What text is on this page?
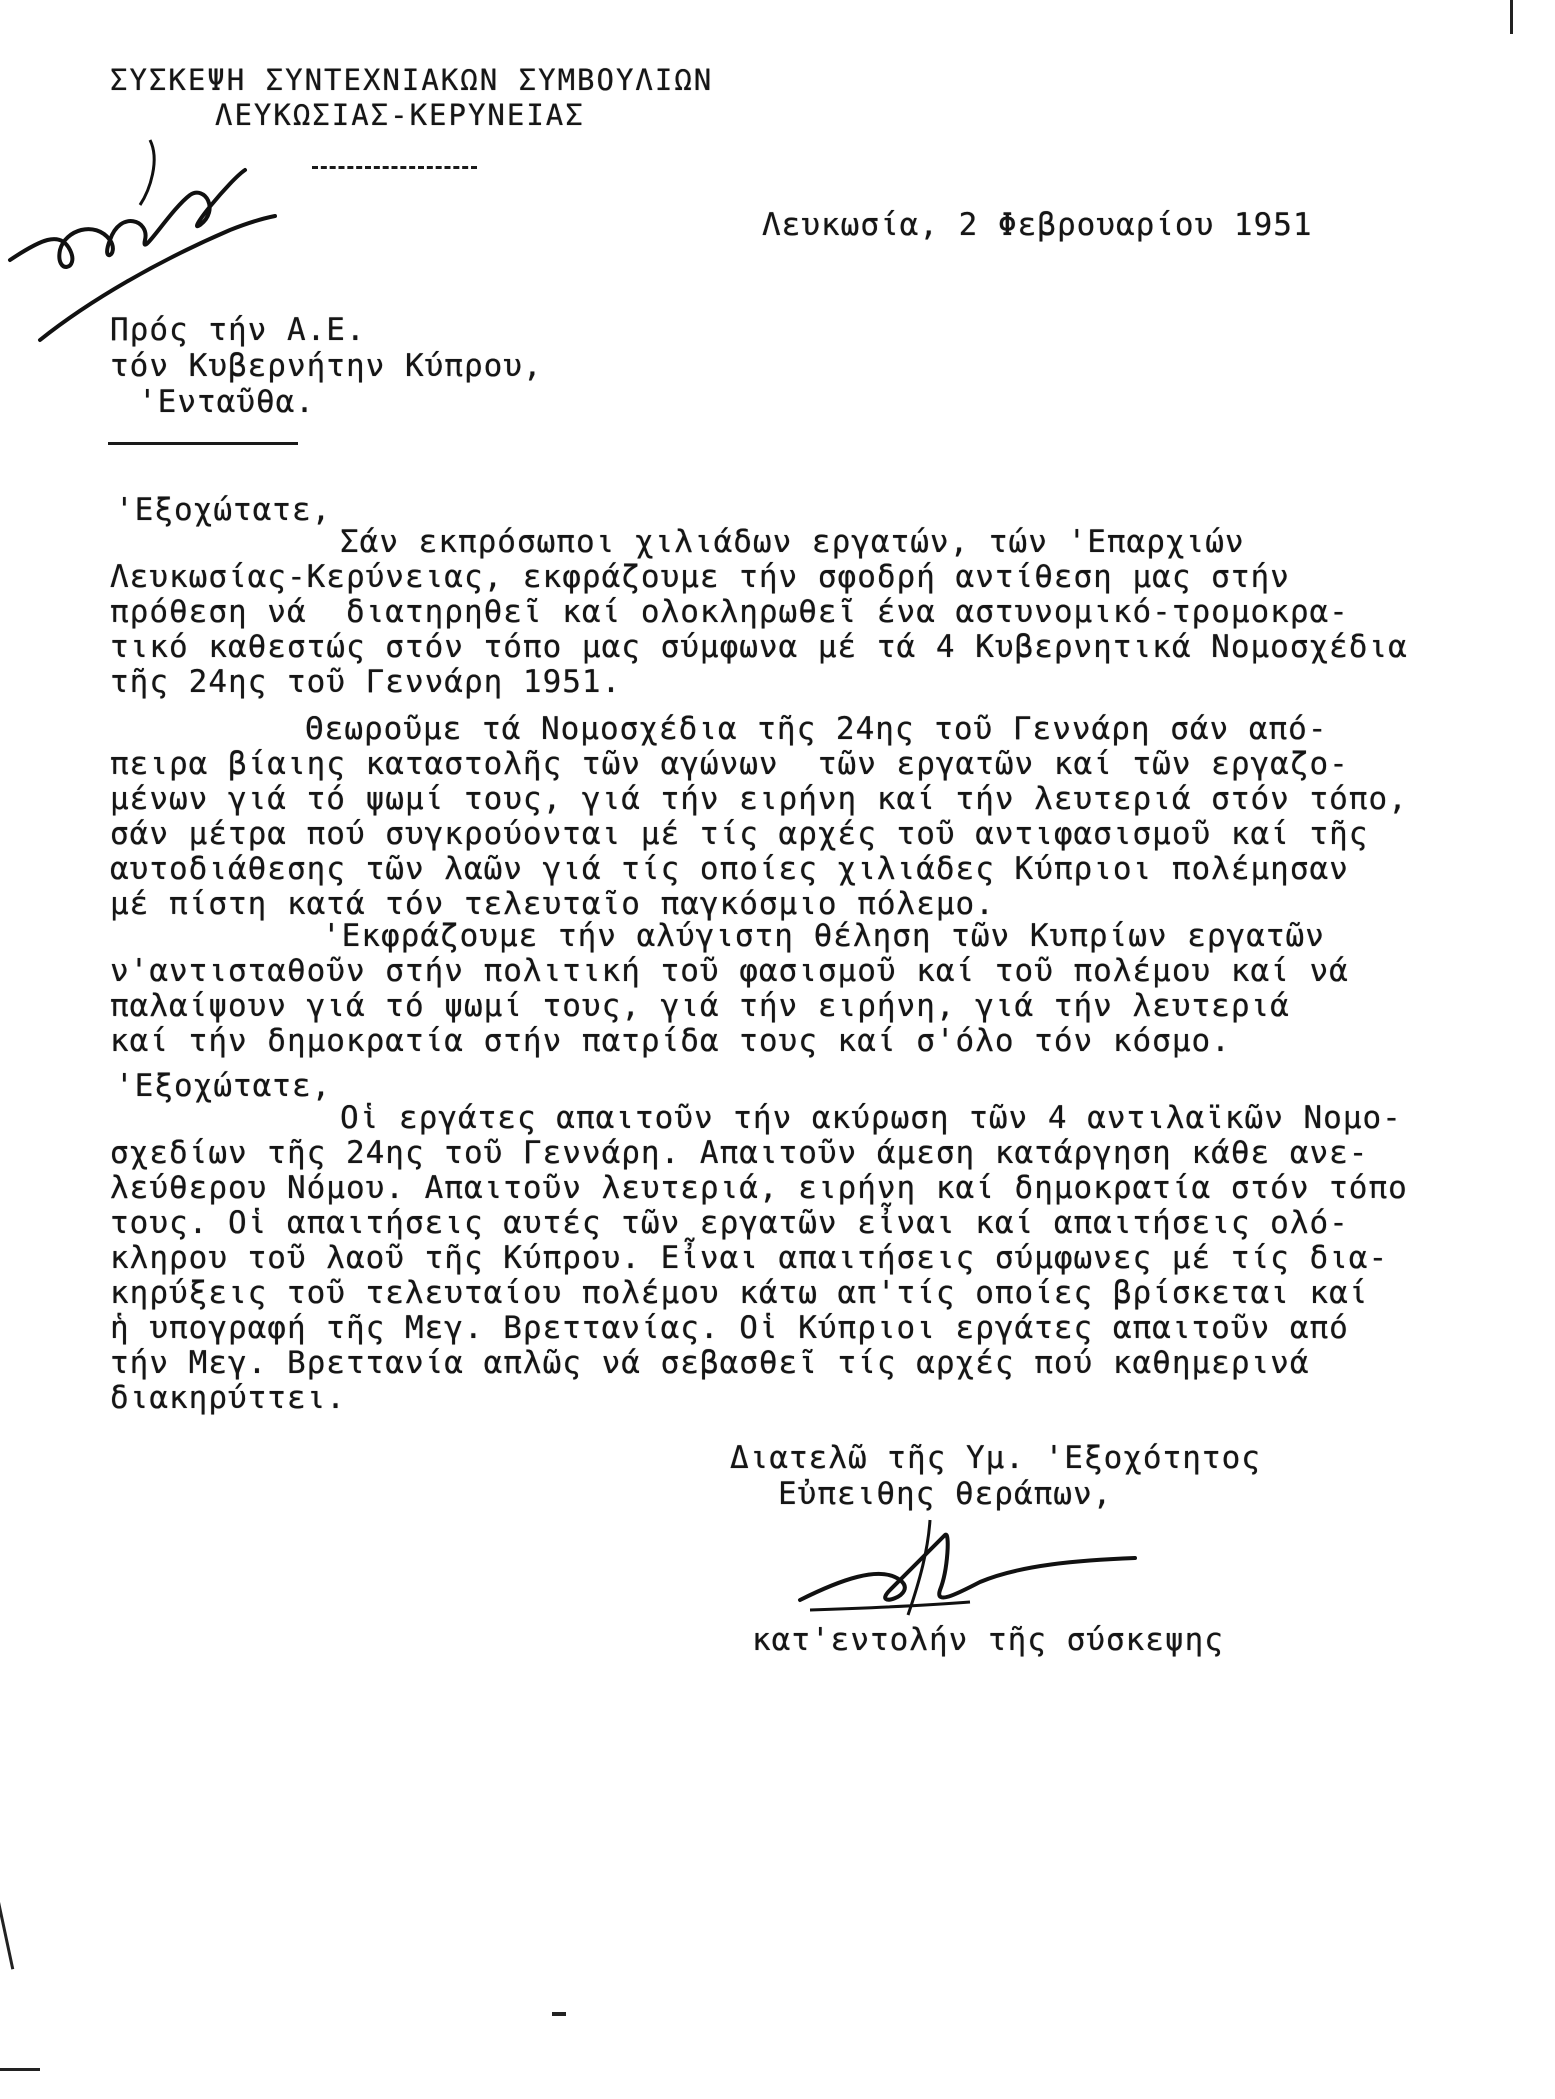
ΣΥΣΚΕΨΗ ΣΥΝΤΕΧΝΙΑΚΩΝ ΣΥΜΒΟΥΛΙΩΝ
ΛΕΥΚΩΣΙΑΣ-ΚΕΡΥΝΕΙΑΣ
Λευκωσία, 2 Φεβρουαρίου 1951
Πρός τήν Α.Ε.
τόν Κυβερνήτην Κύπρου,
'Ενταῦθα.
'Εξοχώτατε,
Σάν εκπρόσωποι χιλιάδων εργατών, τών 'Επαρχιών
Λευκωσίας-Κερύνειας, εκφράζουμε τήν σφοδρή αντίθεση μας στήν
πρόθεση νά  διατηρηθεῖ καί ολοκληρωθεῖ ένα αστυνομικό-τρομοκρα-
τικό καθεστώς στόν τόπο μας σύμφωνα μέ τά 4 Κυβερνητικά Νομοσχέδια
τῆς 24ης τοῦ Γεννάρη 1951.
Θεωροῦμε τά Νομοσχέδια τῆς 24ης τοῦ Γεννάρη σάν από-
πειρα βίαιης καταστολῆς τῶν αγώνων  τῶν εργατῶν καί τῶν εργαζο-
μένων γιά τό ψωμί τους, γιά τήν ειρήνη καί τήν λευτεριά στόν τόπο,
σάν μέτρα πού συγκρούονται μέ τίς αρχές τοῦ αντιφασισμοῦ καί τῆς
αυτοδιάθεσης τῶν λαῶν γιά τίς οποίες χιλιάδες Κύπριοι πολέμησαν
μέ πίστη κατά τόν τελευταῖο παγκόσμιο πόλεμο.
'Εκφράζουμε τήν αλύγιστη θέληση τῶν Κυπρίων εργατῶν
ν'αντισταθοῦν στήν πολιτική τοῦ φασισμοῦ καί τοῦ πολέμου καί νά
παλαίψουν γιά τό ψωμί τους, γιά τήν ειρήνη, γιά τήν λευτεριά
καί τήν δημοκρατία στήν πατρίδα τους καί σ'όλο τόν κόσμο.
'Εξοχώτατε,
Οἱ εργάτες απαιτοῦν τήν ακύρωση τῶν 4 αντιλαϊκῶν Νομο-
σχεδίων τῆς 24ης τοῦ Γεννάρη. Απαιτοῦν άμεση κατάργηση κάθε ανε-
λεύθερου Νόμου. Απαιτοῦν λευτεριά, ειρήνη καί δημοκρατία στόν τόπο
τους. Οἱ απαιτήσεις αυτές τῶν εργατῶν εἶναι καί απαιτήσεις ολό-
κληρου τοῦ λαοῦ τῆς Κύπρου. Εἶναι απαιτήσεις σύμφωνες μέ τίς δια-
κηρύξεις τοῦ τελευταίου πολέμου κάτω απ'τίς οποίες βρίσκεται καί
ἡ υπογραφή τῆς Μεγ. Βρεττανίας. Οἱ Κύπριοι εργάτες απαιτοῦν από
τήν Μεγ. Βρεττανία απλῶς νά σεβασθεῖ τίς αρχές πού καθημερινά
διακηρύττει.
Διατελῶ τῆς Υμ. 'Εξοχότητος
Εὐπειθης θεράπων,
κατ'εντολήν τῆς σύσκεψης
